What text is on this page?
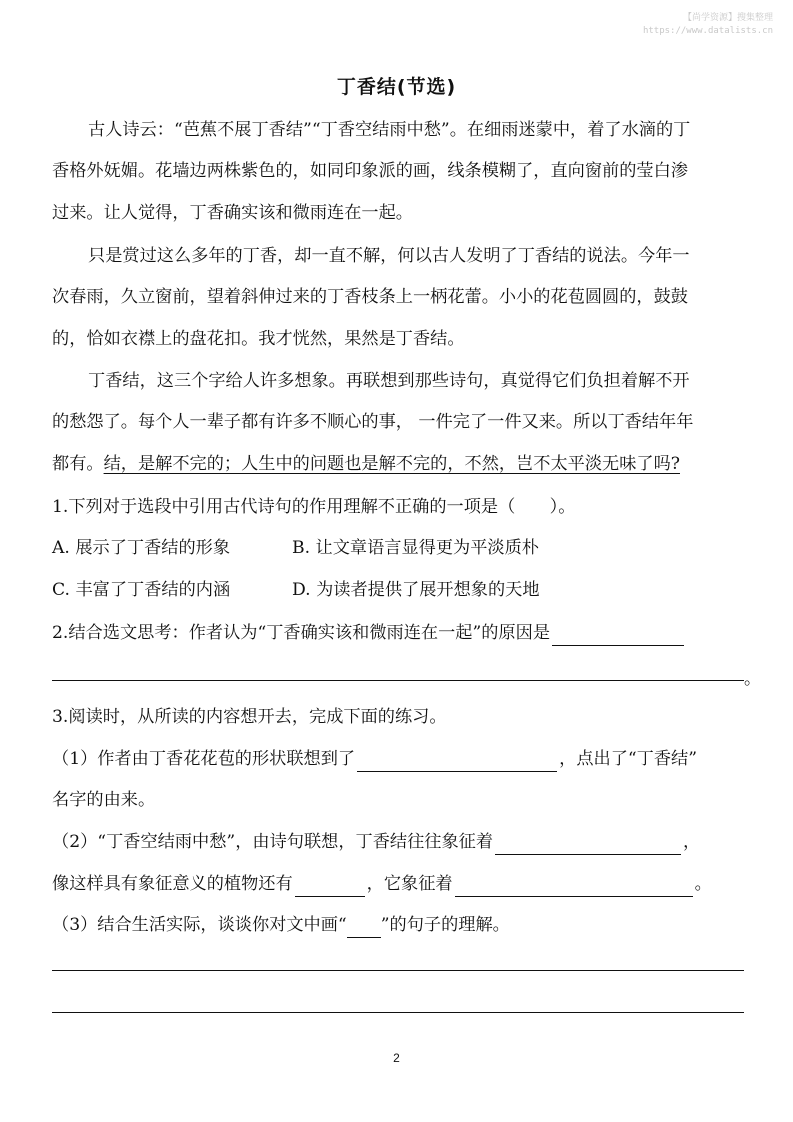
【尚学资源】搜集整理
https://www.datalists.cn
丁香结(节选)
古人诗云：“芭蕉不展丁香结”“丁香空结雨中愁”。在细雨迷蒙中，着了水滴的丁
香格外妩媚。花墙边两株紫色的，如同印象派的画，线条模糊了，直向窗前的莹白渗
过来。让人觉得，丁香确实该和微雨连在一起。
只是赏过这么多年的丁香，却一直不解，何以古人发明了丁香结的说法。今年一
次春雨，久立窗前，望着斜伸过来的丁香枝条上一柄花蕾。小小的花苞圆圆的，鼓鼓
的，恰如衣襟上的盘花扣。我才恍然，果然是丁香结。
丁香结，这三个字给人许多想象。再联想到那些诗句，真觉得它们负担着解不开
的愁怨了。每个人一辈子都有许多不顺心的事， 一件完了一件又来。所以丁香结年年
都有。结，是解不完的；人生中的问题也是解不完的，不然，岂不太平淡无味了吗?
1.下列对于选段中引用古代诗句的作用理解不正确的一项是（　　）。
A. 展示了丁香结的形象	B. 让文章语言显得更为平淡质朴
C. 丰富了丁香结的内涵	D. 为读者提供了展开想象的天地
2.结合选文思考：作者认为“丁香确实该和微雨连在一起”的原因是
。
3.阅读时，从所读的内容想开去，完成下面的练习。
（1）作者由丁香花花苞的形状联想到了	，点出了“丁香结”
名字的由来。
（2）“丁香空结雨中愁”，由诗句联想，丁香结往往象征着	，
像这样具有象征意义的植物还有	，它象征着	。
（3）结合生活实际，谈谈你对文中画“ ”的句子的理解。
2
